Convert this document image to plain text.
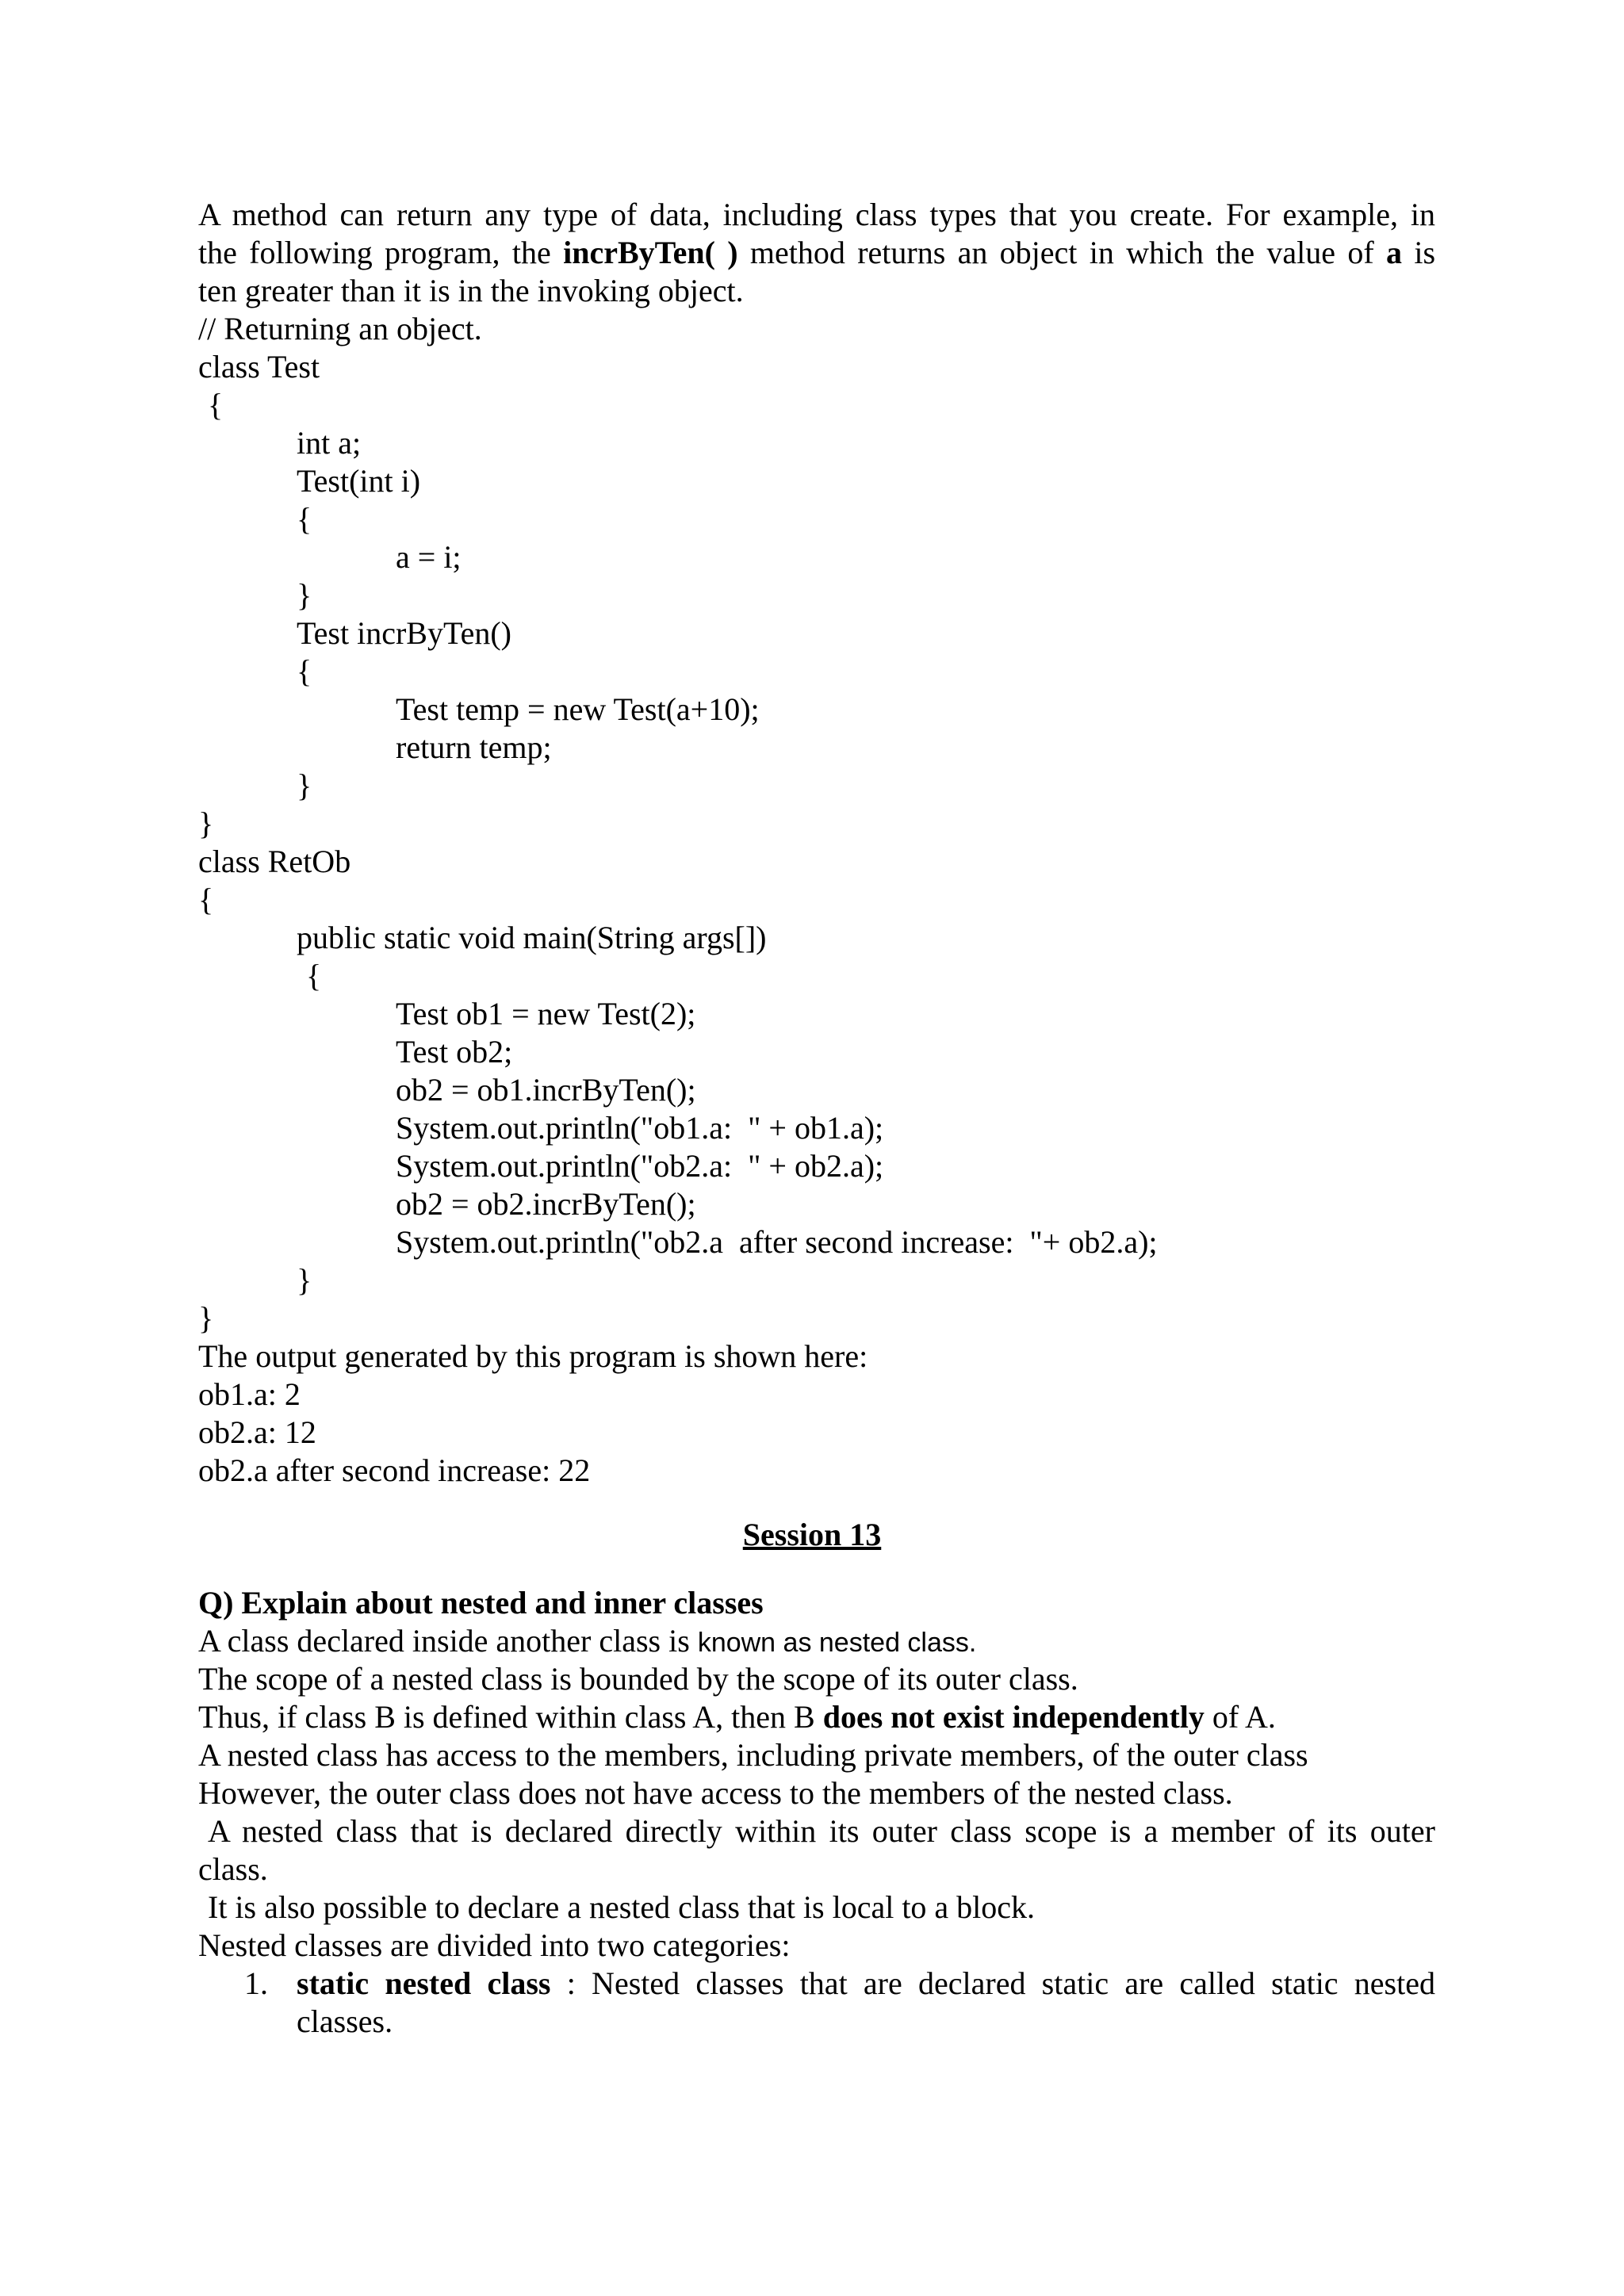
A method can return any type of data, including class types that you create. For example, in
the following program, the incrByTen( ) method returns an object in which the value of a is
ten greater than it is in the invoking object.
// Returning an object.
class Test
{
int a;
Test(int i)
{
a = i;
}
Test incrByTen()
{
Test temp = new Test(a+10);
return temp;
}
}
class RetOb
{
public static void main(String args[])
{
Test ob1 = new Test(2);
Test ob2;
ob2 = ob1.incrByTen();
System.out.println("ob1.a:  " + ob1.a);
System.out.println("ob2.a:  " + ob2.a);
ob2 = ob2.incrByTen();
System.out.println("ob2.a  after second increase:  "+ ob2.a);
}
}
The output generated by this program is shown here:
ob1.a: 2
ob2.a: 12
ob2.a after second increase: 22
Session 13
Q) Explain about nested and inner classes
A class declared inside another class is known as nested class.
The scope of a nested class is bounded by the scope of its outer class.
Thus, if class B is defined within class A, then B does not exist independently of A.
A nested class has access to the members, including private members, of the outer class
However, the outer class does not have access to the members of the nested class.
A nested class that is declared directly within its outer class scope is a member of its outer
class.
It is also possible to declare a nested class that is local to a block.
Nested classes are divided into two categories:
1. static nested class : Nested classes that are declared static are called static nested
classes.
